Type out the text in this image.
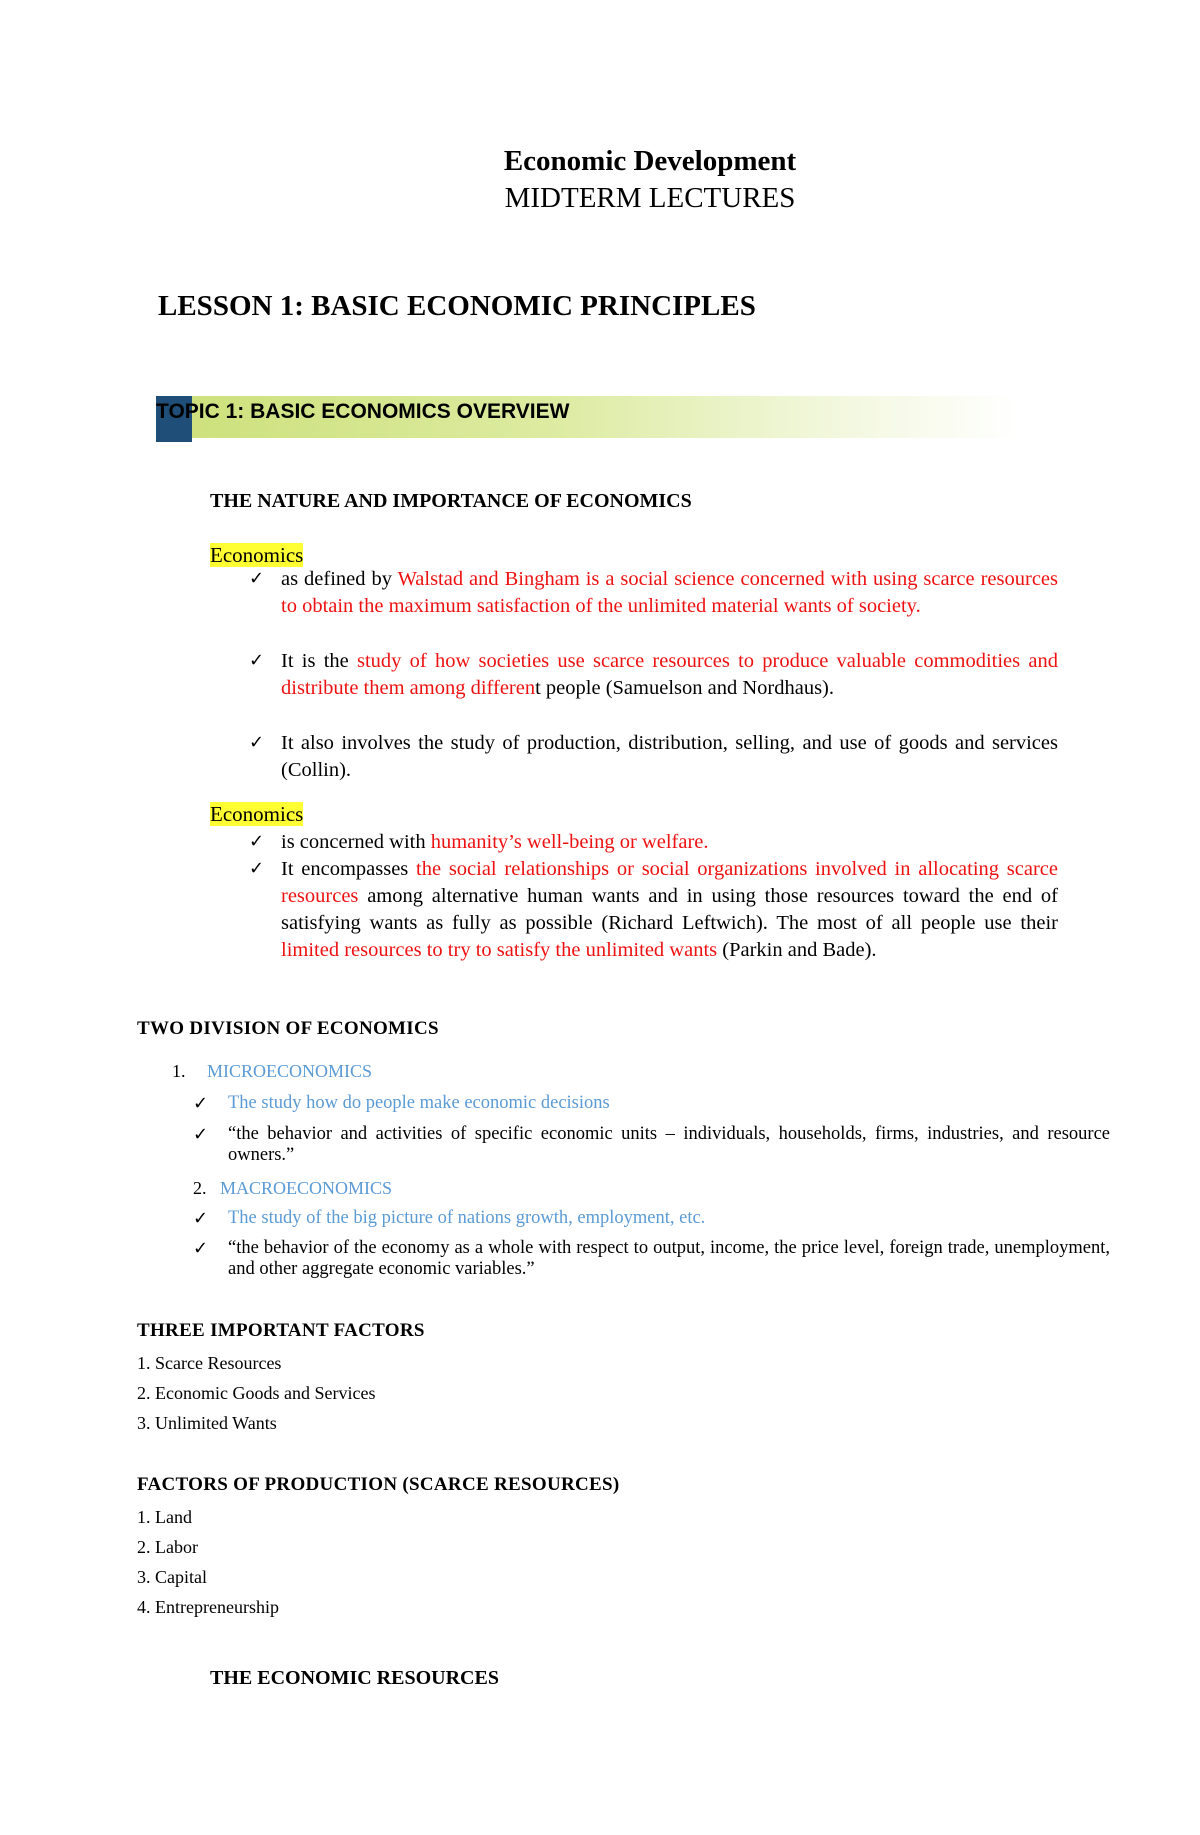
Economic Development
MIDTERM LECTURES
LESSON 1: BASIC ECONOMIC PRINCIPLES
TOPIC 1: BASIC ECONOMICS OVERVIEW
THE NATURE AND IMPORTANCE OF ECONOMICS
Economics
✓ as defined by Walstad and Bingham is a social science concerned with using scarce resources to obtain the maximum satisfaction of the unlimited material wants of society.
✓ It is the study of how societies use scarce resources to produce valuable commodities and distribute them among different people (Samuelson and Nordhaus).
✓ It also involves the study of production, distribution, selling, and use of goods and services (Collin).
Economics
✓ is concerned with humanity’s well-being or welfare.
✓ It encompasses the social relationships or social organizations involved in allocating scarce resources among alternative human wants and in using those resources toward the end of satisfying wants as fully as possible (Richard Leftwich). The most of all people use their limited resources to try to satisfy the unlimited wants (Parkin and Bade).
TWO DIVISION OF ECONOMICS
1. MICROECONOMICS
✓ The study how do people make economic decisions
✓ “the behavior and activities of specific economic units – individuals, households, firms, industries, and resource owners.”
2. MACROECONOMICS
✓ The study of the big picture of nations growth, employment, etc.
✓ “the behavior of the economy as a whole with respect to output, income, the price level, foreign trade, unemployment, and other aggregate economic variables.”
THREE IMPORTANT FACTORS
1. Scarce Resources
2. Economic Goods and Services
3. Unlimited Wants
FACTORS OF PRODUCTION (SCARCE RESOURCES)
1. Land
2. Labor
3. Capital
4. Entrepreneurship
THE ECONOMIC RESOURCES
